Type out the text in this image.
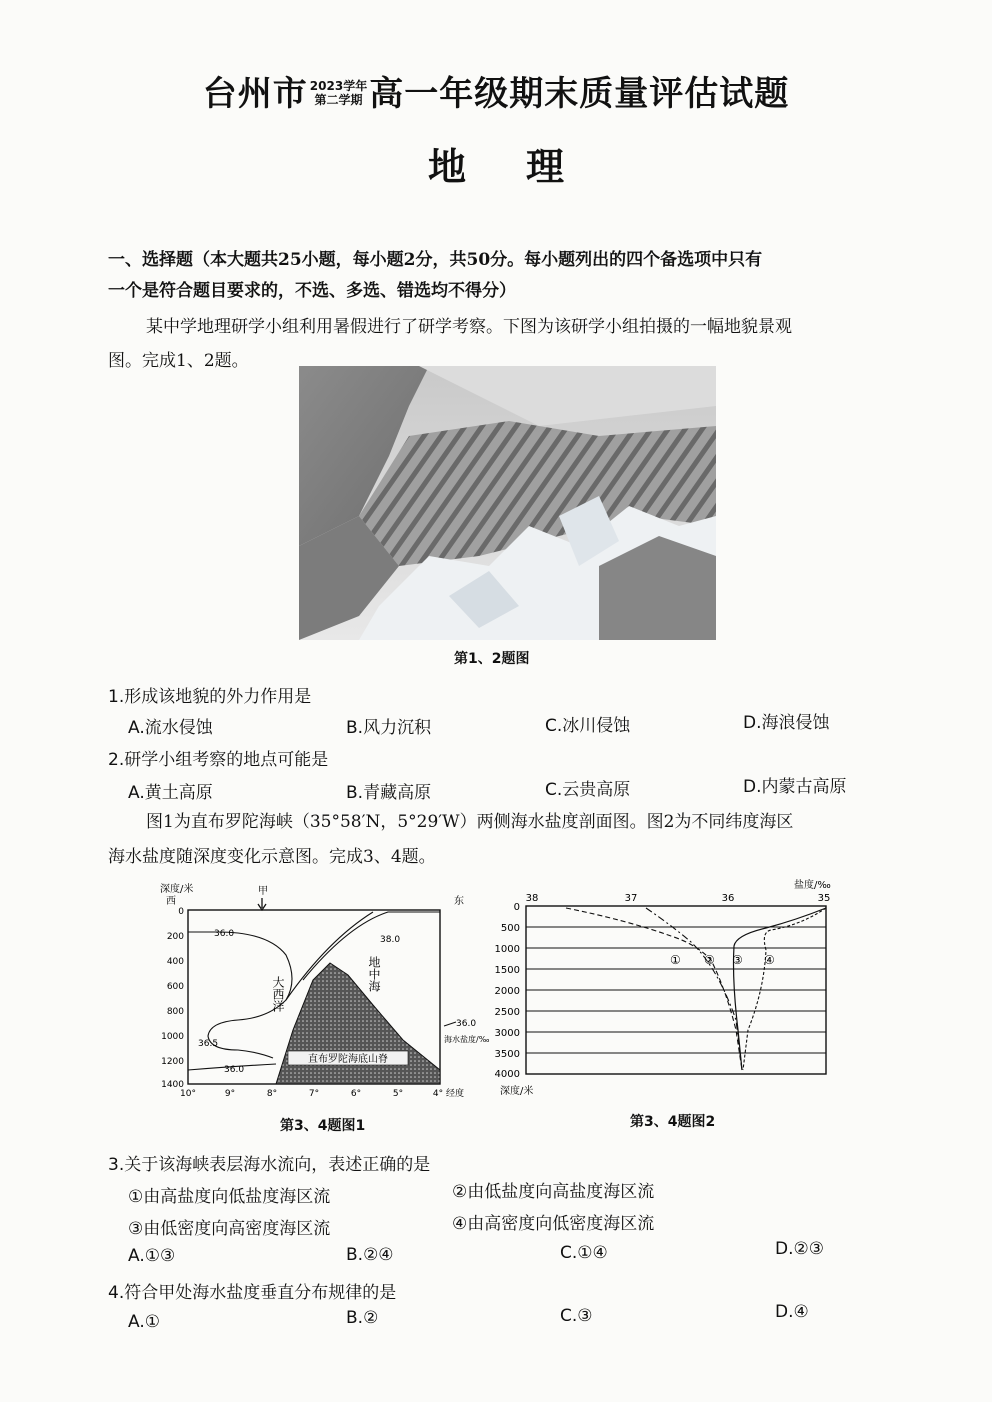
台州市 2023学年
第二学期 高一年级期末质量评估试题
地理
一、选择题（本大题共25小题，每小题2分，共50分。每小题列出的四个备选项中只有
一个是符合题目要求的，不选、多选、错选均不得分）
某中学地理研学小组利用暑假进行了研学考察。下图为该研学小组拍摄的一幅地貌景观
图。完成1、2题。
第1、2题图
1.形成该地貌的外力作用是
A.流水侵蚀	B.风力沉积	C.冰川侵蚀	D.海浪侵蚀
2.研学小组考察的地点可能是
A.黄土高原	B.青藏高原	C.云贵高原	D.内蒙古高原
图1为直布罗陀海峡（35°58′N，5°29′W）两侧海水盐度剖面图。图2为不同纬度海区
海水盐度随深度变化示意图。完成3、4题。
深度/米
西	东
甲
直布罗陀海底山脊
36.0
38.0
36.5
36.0
大西洋
地中海
36.0
海水盐度/‰
0
200
400
600
800
1000
1200
1400
10°	9°	8°	7°	6°	5°	4° 经度
第3、4题图1
盐度/‰
38	37	36	35
0
500
1000
1500
2000
2500
3000
3500
4000
深度/米
① ② ③ ④
第3、4题图2
3.关于该海峡表层海水流向，表述正确的是
①由高盐度向低盐度海区流	②由低盐度向高盐度海区流
③由低密度向高密度海区流	④由高密度向低密度海区流
A.①③	B.②④	C.①④	D.②③
4.符合甲处海水盐度垂直分布规律的是
A.①	B.②	C.③	D.④
